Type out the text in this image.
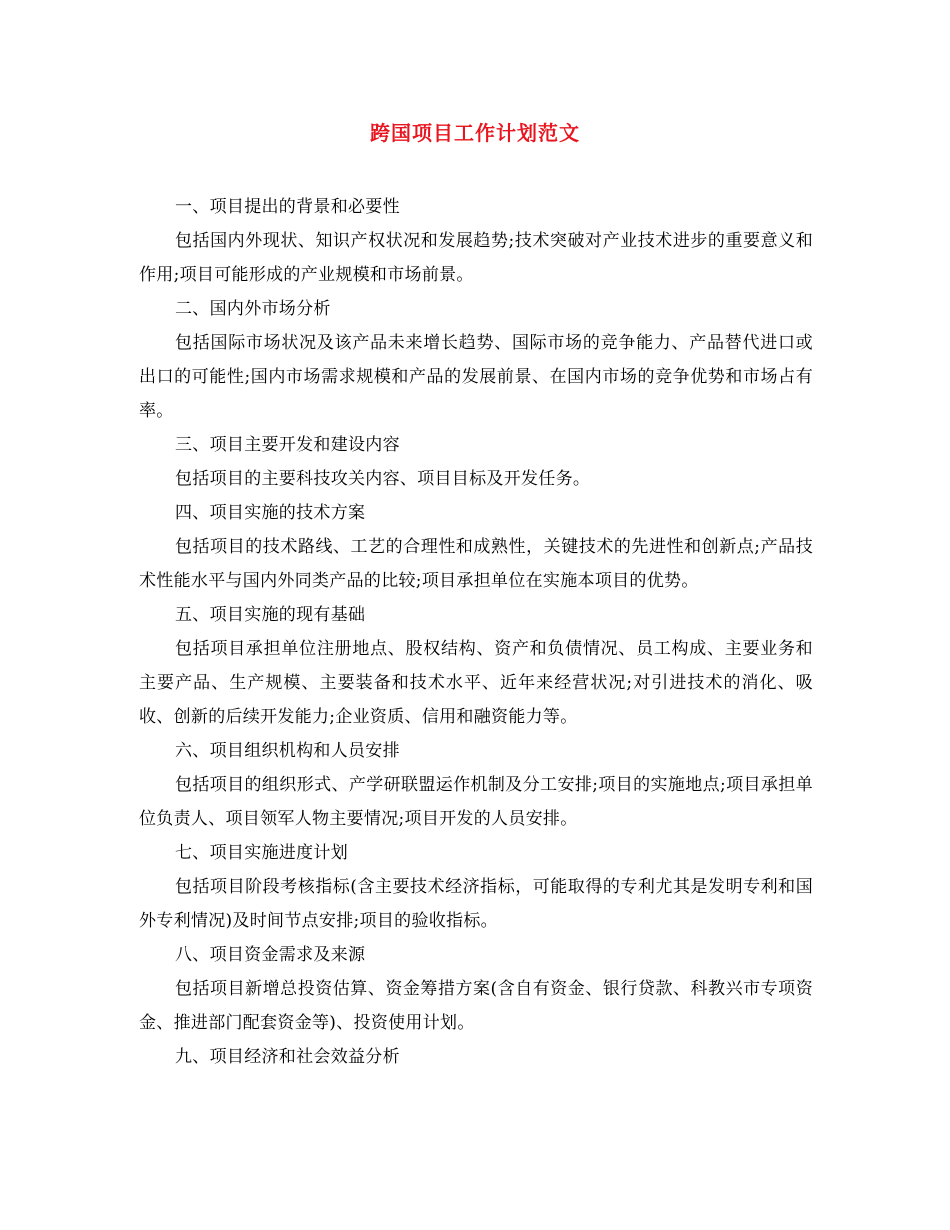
跨国项目工作计划范文

一、项目提出的背景和必要性

包括国内外现状、知识产权状况和发展趋势;技术突破对产业技术进步的重要意义和作用;项目可能形成的产业规模和市场前景。

二、国内外市场分析

包括国际市场状况及该产品未来增长趋势、国际市场的竞争能力、产品替代进口或出口的可能性;国内市场需求规模和产品的发展前景、在国内市场的竞争优势和市场占有率。

三、项目主要开发和建设内容

包括项目的主要科技攻关内容、项目目标及开发任务。

四、项目实施的技术方案

包括项目的技术路线、工艺的合理性和成熟性，关键技术的先进性和创新点;产品技术性能水平与国内外同类产品的比较;项目承担单位在实施本项目的优势。

五、项目实施的现有基础

包括项目承担单位注册地点、股权结构、资产和负债情况、员工构成、主要业务和主要产品、生产规模、主要装备和技术水平、近年来经营状况;对引进技术的消化、吸收、创新的后续开发能力;企业资质、信用和融资能力等。

六、项目组织机构和人员安排

包括项目的组织形式、产学研联盟运作机制及分工安排;项目的实施地点;项目承担单位负责人、项目领军人物主要情况;项目开发的人员安排。

七、项目实施进度计划

包括项目阶段考核指标(含主要技术经济指标，可能取得的专利尤其是发明专利和国外专利情况)及时间节点安排;项目的验收指标。

八、项目资金需求及来源

包括项目新增总投资估算、资金筹措方案(含自有资金、银行贷款、科教兴市专项资金、推进部门配套资金等)、投资使用计划。

九、项目经济和社会效益分析
